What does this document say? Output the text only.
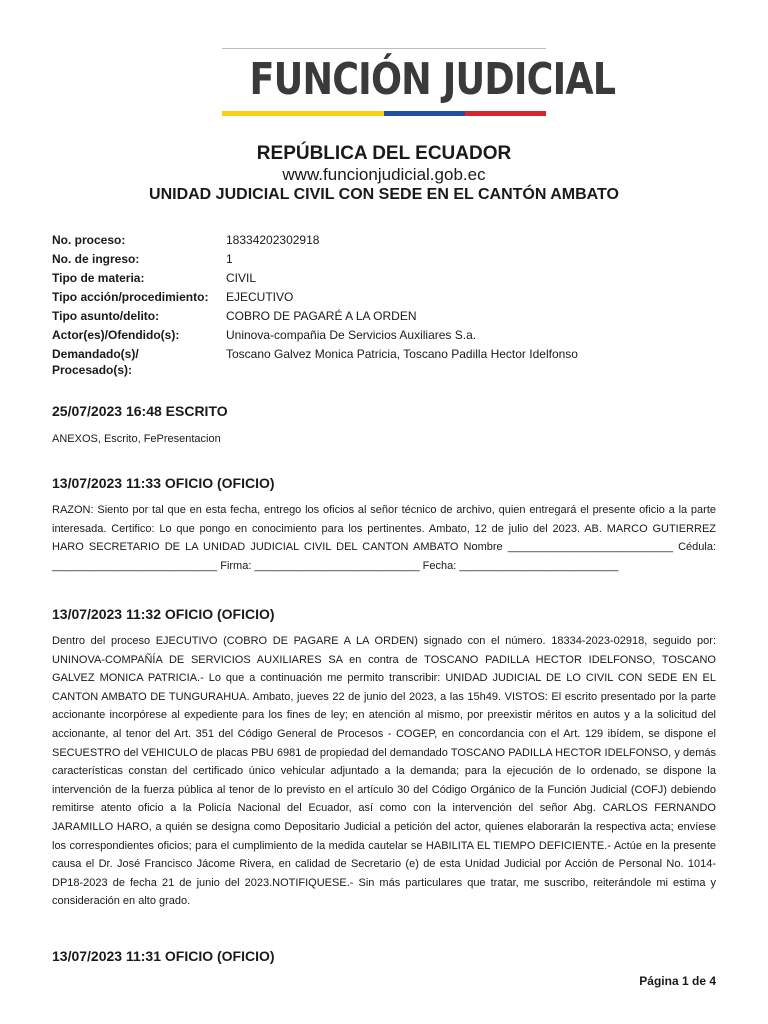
FUNCIÓN JUDICIAL
REPÚBLICA DEL ECUADOR
www.funcionjudicial.gob.ec
UNIDAD JUDICIAL CIVIL CON SEDE EN EL CANTÓN AMBATO
No. proceso:	18334202302918
No. de ingreso:	1
Tipo de materia:	CIVIL
Tipo acción/procedimiento:	EJECUTIVO
Tipo asunto/delito:	COBRO DE PAGARÉ A LA ORDEN
Actor(es)/Ofendido(s):	Uninova-compañia De Servicios Auxiliares S.a.

Demandado(s)/
Procesado(s):	Toscano Galvez Monica Patricia, Toscano Padilla Hector Idelfonso
25/07/2023 16:48 ESCRITO

ANEXOS, Escrito, FePresentacion

13/07/2023 11:33 OFICIO (OFICIO)

RAZON: Siento por tal que en esta fecha, entrego los oficios al señor técnico de archivo, quien entregará el presente oficio a la parte interesada. Certifico: Lo que pongo en conocimiento para los pertinentes. Ambato, 12 de julio del 2023. AB. MARCO GUTIERREZ HARO SECRETARIO DE LA UNIDAD JUDICIAL CIVIL DEL CANTON AMBATO Nombre ___________________________ Cédula: ___________________________ Firma: ___________________________ Fecha: __________________________

13/07/2023 11:32 OFICIO (OFICIO)

Dentro del proceso EJECUTIVO (COBRO DE PAGARE A LA ORDEN) signado con el número. 18334-2023-02918, seguido por: UNINOVA-COMPAÑÍA DE SERVICIOS AUXILIARES SA en contra de TOSCANO PADILLA HECTOR IDELFONSO, TOSCANO GALVEZ MONICA PATRICIA.- Lo que a continuación me permito transcribir: UNIDAD JUDICIAL DE LO CIVIL CON SEDE EN EL CANTON AMBATO DE TUNGURAHUA. Ambato, jueves 22 de junio del 2023, a las 15h49. VISTOS: El escrito presentado por la parte accionante incorpórese al expediente para los fines de ley; en atención al mismo, por preexistir méritos en autos y a la solicitud del accionante, al tenor del Art. 351 del Código General de Procesos - COGEP, en concordancia con el Art. 129 ibídem, se dispone el SECUESTRO del VEHICULO de placas PBU 6981 de propiedad del demandado TOSCANO PADILLA HECTOR IDELFONSO, y demás características constan del certificado único vehicular adjuntado a la demanda; para la ejecución de lo ordenado, se dispone la intervención de la fuerza pública al tenor de lo previsto en el artículo 30 del Código Orgánico de la Función Judicial (COFJ) debiendo remitirse atento oficio a la Policía Nacional del Ecuador, así como con la intervención del señor Abg. CARLOS FERNANDO JARAMILLO HARO, a quién se designa como Depositario Judicial a petición del actor, quienes elaborarán la respectiva acta; envíese los correspondientes oficios; para el cumplimiento de la medida cautelar se HABILITA EL TIEMPO DEFICIENTE.- Actúe en la presente causa el Dr. José Francisco Jácome Rivera, en calidad de Secretario (e) de esta Unidad Judicial por Acción de Personal No. 1014-DP18-2023 de fecha 21 de junio del 2023.NOTIFIQUESE.- Sin más particulares que tratar, me suscribo, reiterándole mi estima y consideración en alto grado.

13/07/2023 11:31 OFICIO (OFICIO)
Página 1 de 4
